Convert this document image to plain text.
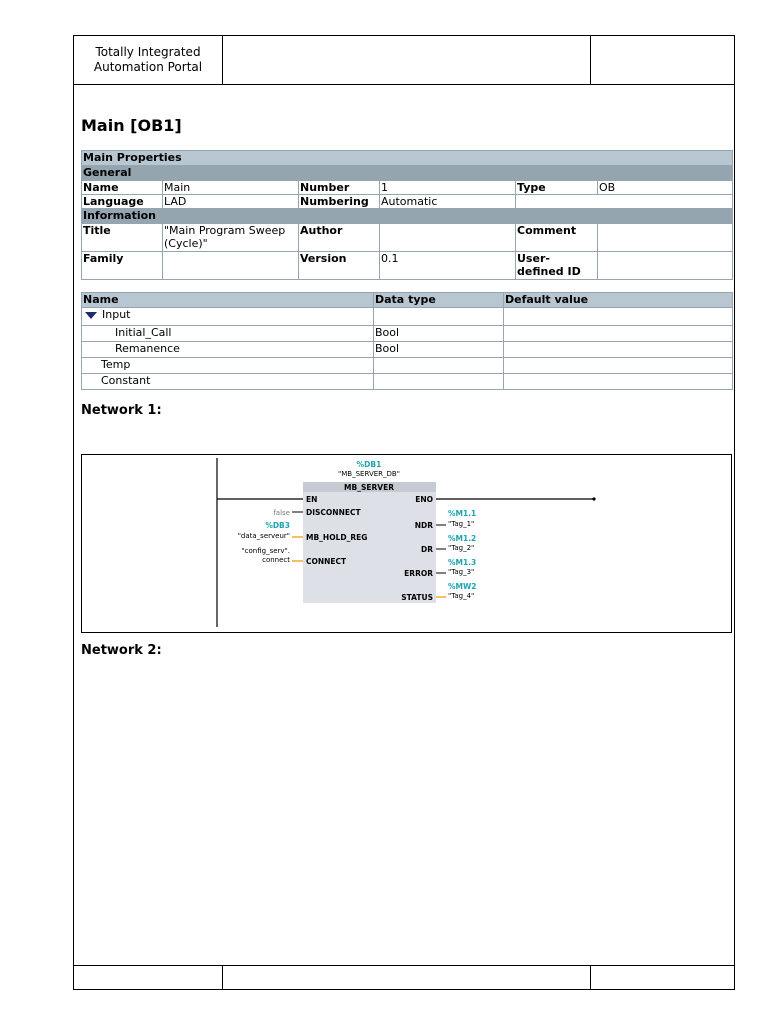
Totally Integrated
Automation Portal
Main [OB1]
Main Properties					
General					
Name	Main	Number	1	Type	OB
Language	LAD	Numbering	Automatic		
Information					
Title	"Main Program Sweep (Cycle)"	Author		Comment	
Family		Version	0.1	User-defined ID	
Name	Data type	Default value
Input		
Initial_Call	Bool	
Remanence	Bool	
Temp		
Constant		
Network 1:
%DB1
"MB_SERVER_DB"
MB_SERVER
EN	ENO
DISCONNECT
false
MB_HOLD_REG
%DB3
"data_serveur"
CONNECT
"config_serv".
connect
NDR
%M1.1
"Tag_1"
DR
%M1.2
"Tag_2"
ERROR
%M1.3
"Tag_3"
STATUS
%MW2
"Tag_4"
Network 2:
